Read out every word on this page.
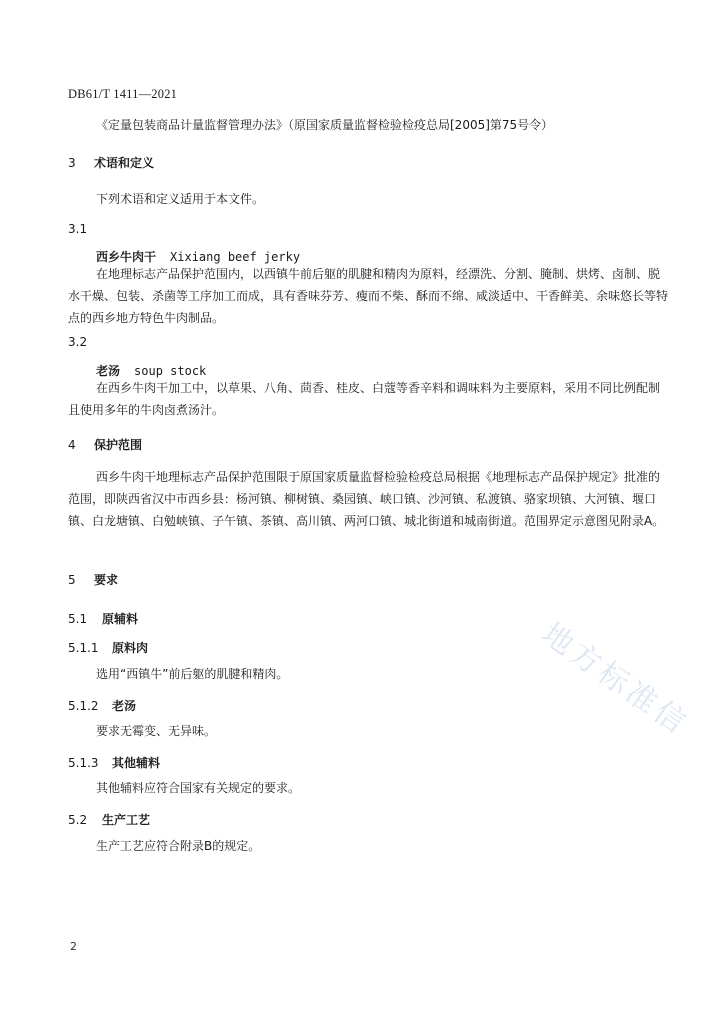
DB61/T 1411—2021
《定量包装商品计量监督管理办法》（原国家质量监督检验检疫总局[2005]第75号令）
3 术语和定义
下列术语和定义适用于本文件。
3.1
西乡牛肉干 Xixiang beef jerky
在地理标志产品保护范围内，以西镇牛前后躯的肌腱和精肉为原料，经漂洗、分割、腌制、烘烤、卤制、脱水干燥、包装、杀菌等工序加工而成，具有香味芬芳、瘦而不柴、酥而不绵、咸淡适中、干香鲜美、余味悠长等特点的西乡地方特色牛肉制品。
3.2
老汤 soup stock
在西乡牛肉干加工中，以草果、八角、茴香、桂皮、白蔻等香辛料和调味料为主要原料，采用不同比例配制且使用多年的牛肉卤煮汤汁。
4 保护范围
西乡牛肉干地理标志产品保护范围限于原国家质量监督检验检疫总局根据《地理标志产品保护规定》批准的范围，即陕西省汉中市西乡县：杨河镇、柳树镇、桑园镇、峡口镇、沙河镇、私渡镇、骆家坝镇、大河镇、堰口镇、白龙塘镇、白勉峡镇、子午镇、茶镇、高川镇、两河口镇、城北街道和城南街道。范围界定示意图见附录A。
5 要求
5.1 原辅料
5.1.1 原料肉
选用“西镇牛”前后躯的肌腱和精肉。
5.1.2 老汤
要求无霉变、无异味。
5.1.3 其他辅料
其他辅料应符合国家有关规定的要求。
5.2 生产工艺
生产工艺应符合附录B的规定。
地方标准信
2
